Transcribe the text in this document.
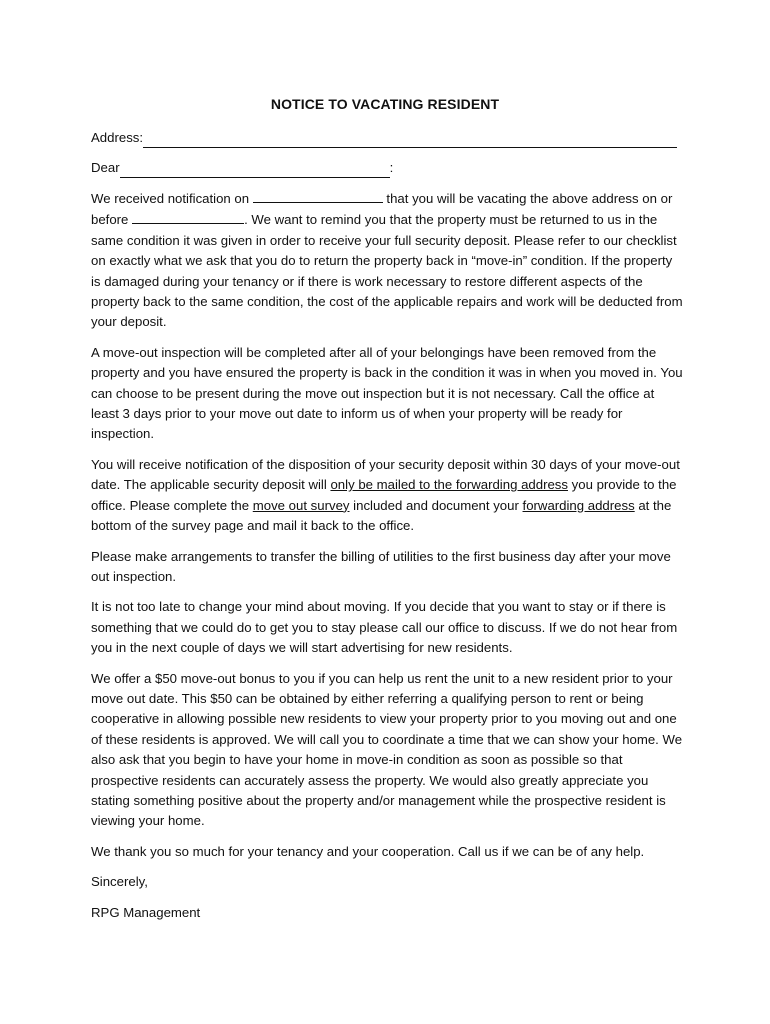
NOTICE TO VACATING RESIDENT
Address:
Dear	:

We received notification on	that you will be vacating the above address on or before	. We want to remind you that the property must be returned to us in the same condition it was given in order to receive your full security deposit. Please refer to our checklist on exactly what we ask that you do to return the property back in “move-in” condition. If the property is damaged during your tenancy or if there is work necessary to restore different aspects of the property back to the same condition, the cost of the applicable repairs and work will be deducted from your deposit.

A move-out inspection will be completed after all of your belongings have been removed from the property and you have ensured the property is back in the condition it was in when you moved in. You can choose to be present during the move out inspection but it is not necessary. Call the office at least 3 days prior to your move out date to inform us of when your property will be ready for inspection.

You will receive notification of the disposition of your security deposit within 30 days of your move-out date. The applicable security deposit will only be mailed to the forwarding address you provide to the office. Please complete the move out survey included and document your forwarding address at the bottom of the survey page and mail it back to the office.

Please make arrangements to transfer the billing of utilities to the first business day after your move out inspection.

It is not too late to change your mind about moving. If you decide that you want to stay or if there is something that we could do to get you to stay please call our office to discuss. If we do not hear from you in the next couple of days we will start advertising for new residents.

We offer a $50 move-out bonus to you if you can help us rent the unit to a new resident prior to your move out date. This $50 can be obtained by either referring a qualifying person to rent or being cooperative in allowing possible new residents to view your property prior to you moving out and one of these residents is approved. We will call you to coordinate a time that we can show your home. We also ask that you begin to have your home in move-in condition as soon as possible so that prospective residents can accurately assess the property. We would also greatly appreciate you stating something positive about the property and/or management while the prospective resident is viewing your home.

We thank you so much for your tenancy and your cooperation. Call us if we can be of any help.

Sincerely,

RPG Management
